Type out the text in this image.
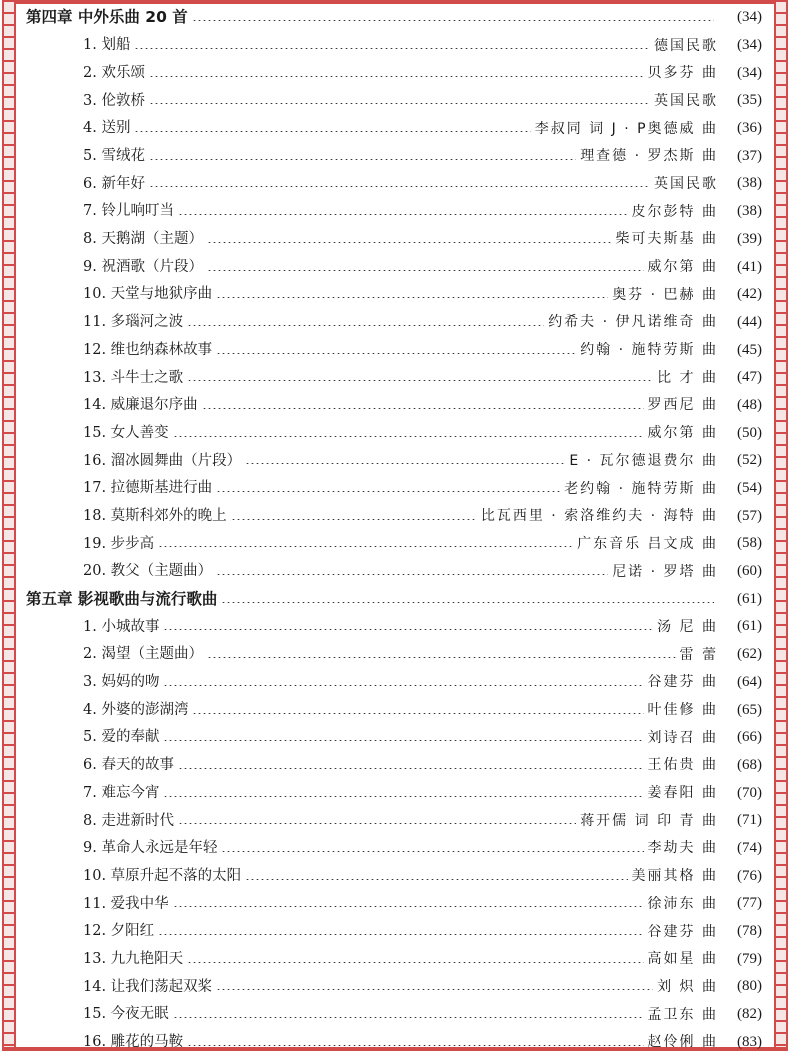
第四章 中外乐曲 20 首	(34)
1. 划船	德国民歌	(34)
2. 欢乐颂	贝多芬 曲	(34)
3. 伦敦桥	英国民歌	(35)
4. 送别	李叔同 词 J · P奥德威 曲	(36)
5. 雪绒花	理查德 · 罗杰斯 曲	(37)
6. 新年好	英国民歌	(38)
7. 铃儿响叮当	皮尔彭特 曲	(38)
8. 天鹅湖（主题）	柴可夫斯基 曲	(39)
9. 祝酒歌（片段）	威尔第 曲	(41)
10. 天堂与地狱序曲	奥芬 · 巴赫 曲	(42)
11. 多瑙河之波	约希夫 · 伊凡诺维奇 曲	(44)
12. 维也纳森林故事	约翰 · 施特劳斯 曲	(45)
13. 斗牛士之歌	比 才 曲	(47)
14. 威廉退尔序曲	罗西尼 曲	(48)
15. 女人善变	威尔第 曲	(50)
16. 溜冰圆舞曲（片段）	E · 瓦尔德退费尔 曲	(52)
17. 拉德斯基进行曲	老约翰 · 施特劳斯 曲	(54)
18. 莫斯科郊外的晚上	比瓦西里 · 索洛维约夫 · 海特 曲	(57)
19. 步步高	广东音乐 吕文成 曲	(58)
20. 教父（主题曲）	尼诺 · 罗塔 曲	(60)
第五章 影视歌曲与流行歌曲	(61)
1. 小城故事	汤 尼 曲	(61)
2. 渴望（主题曲）	雷 蕾	(62)
3. 妈妈的吻	谷建芬 曲	(64)
4. 外婆的澎湖湾	叶佳修 曲	(65)
5. 爱的奉献	刘诗召 曲	(66)
6. 春天的故事	王佑贵 曲	(68)
7. 难忘今宵	姜春阳 曲	(70)
8. 走进新时代	蒋开儒 词 印 青 曲	(71)
9. 革命人永远是年轻	李劫夫 曲	(74)
10. 草原升起不落的太阳	美丽其格 曲	(76)
11. 爱我中华	徐沛东 曲	(77)
12. 夕阳红	谷建芬 曲	(78)
13. 九九艳阳天	高如星 曲	(79)
14. 让我们荡起双桨	刘 炽 曲	(80)
15. 今夜无眠	孟卫东 曲	(82)
16. 雕花的马鞍	赵伶俐 曲	(83)
